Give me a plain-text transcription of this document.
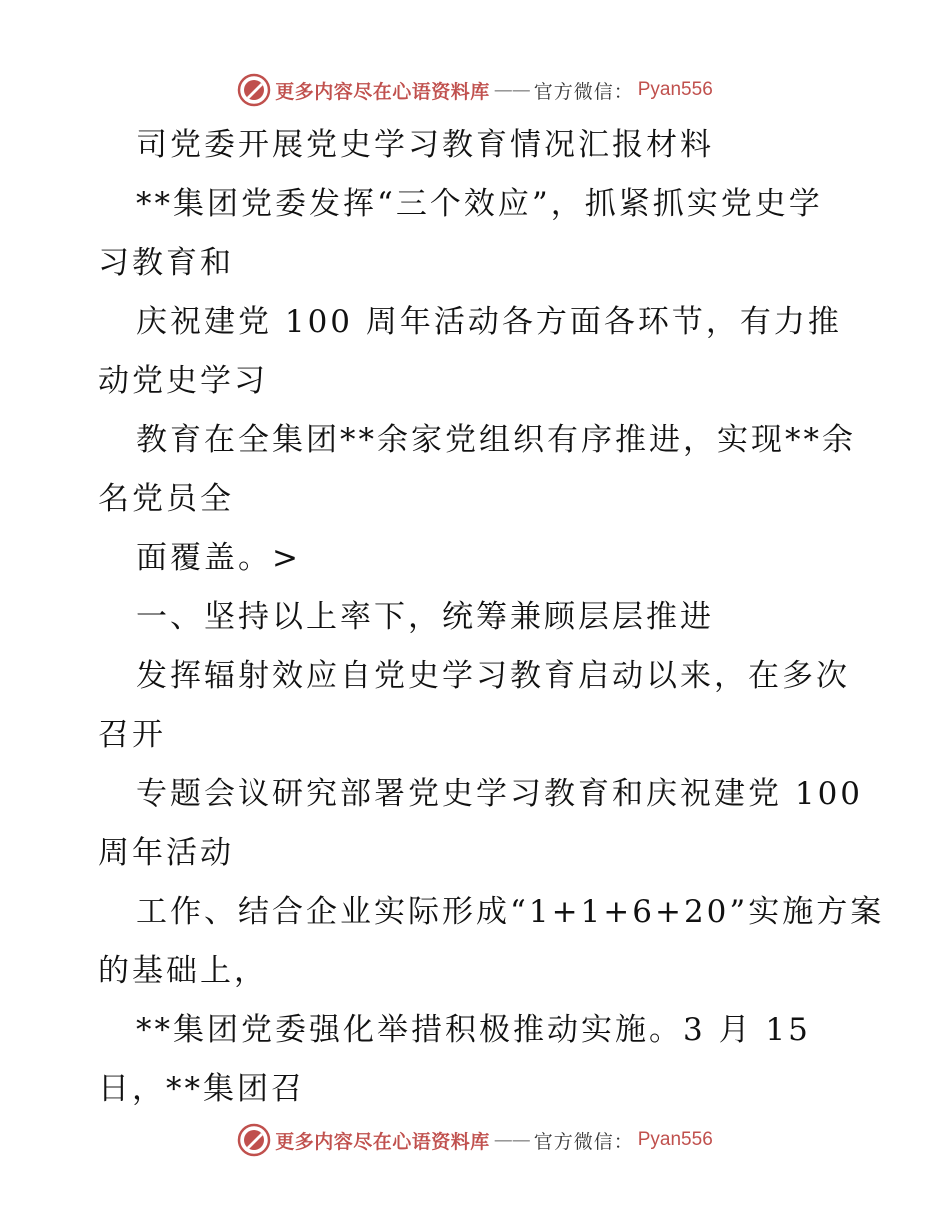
更多内容尽在心语资料库 —— 官方微信： Pyan556
司党委开展党史学习教育情况汇报材料
**集团党委发挥“三个效应”，抓紧抓实党史学
习教育和
庆祝建党 100 周年活动各方面各环节，有力推
动党史学习
教育在全集团**余家党组织有序推进，实现**余
名党员全
面覆盖。>
一、坚持以上率下，统筹兼顾层层推进
发挥辐射效应自党史学习教育启动以来，在多次
召开
专题会议研究部署党史学习教育和庆祝建党 100
周年活动
工作、结合企业实际形成“1+1+6+20”实施方案
的基础上，
**集团党委强化举措积极推动实施。3 月 15
日，**集团召
更多内容尽在心语资料库 —— 官方微信： Pyan556
